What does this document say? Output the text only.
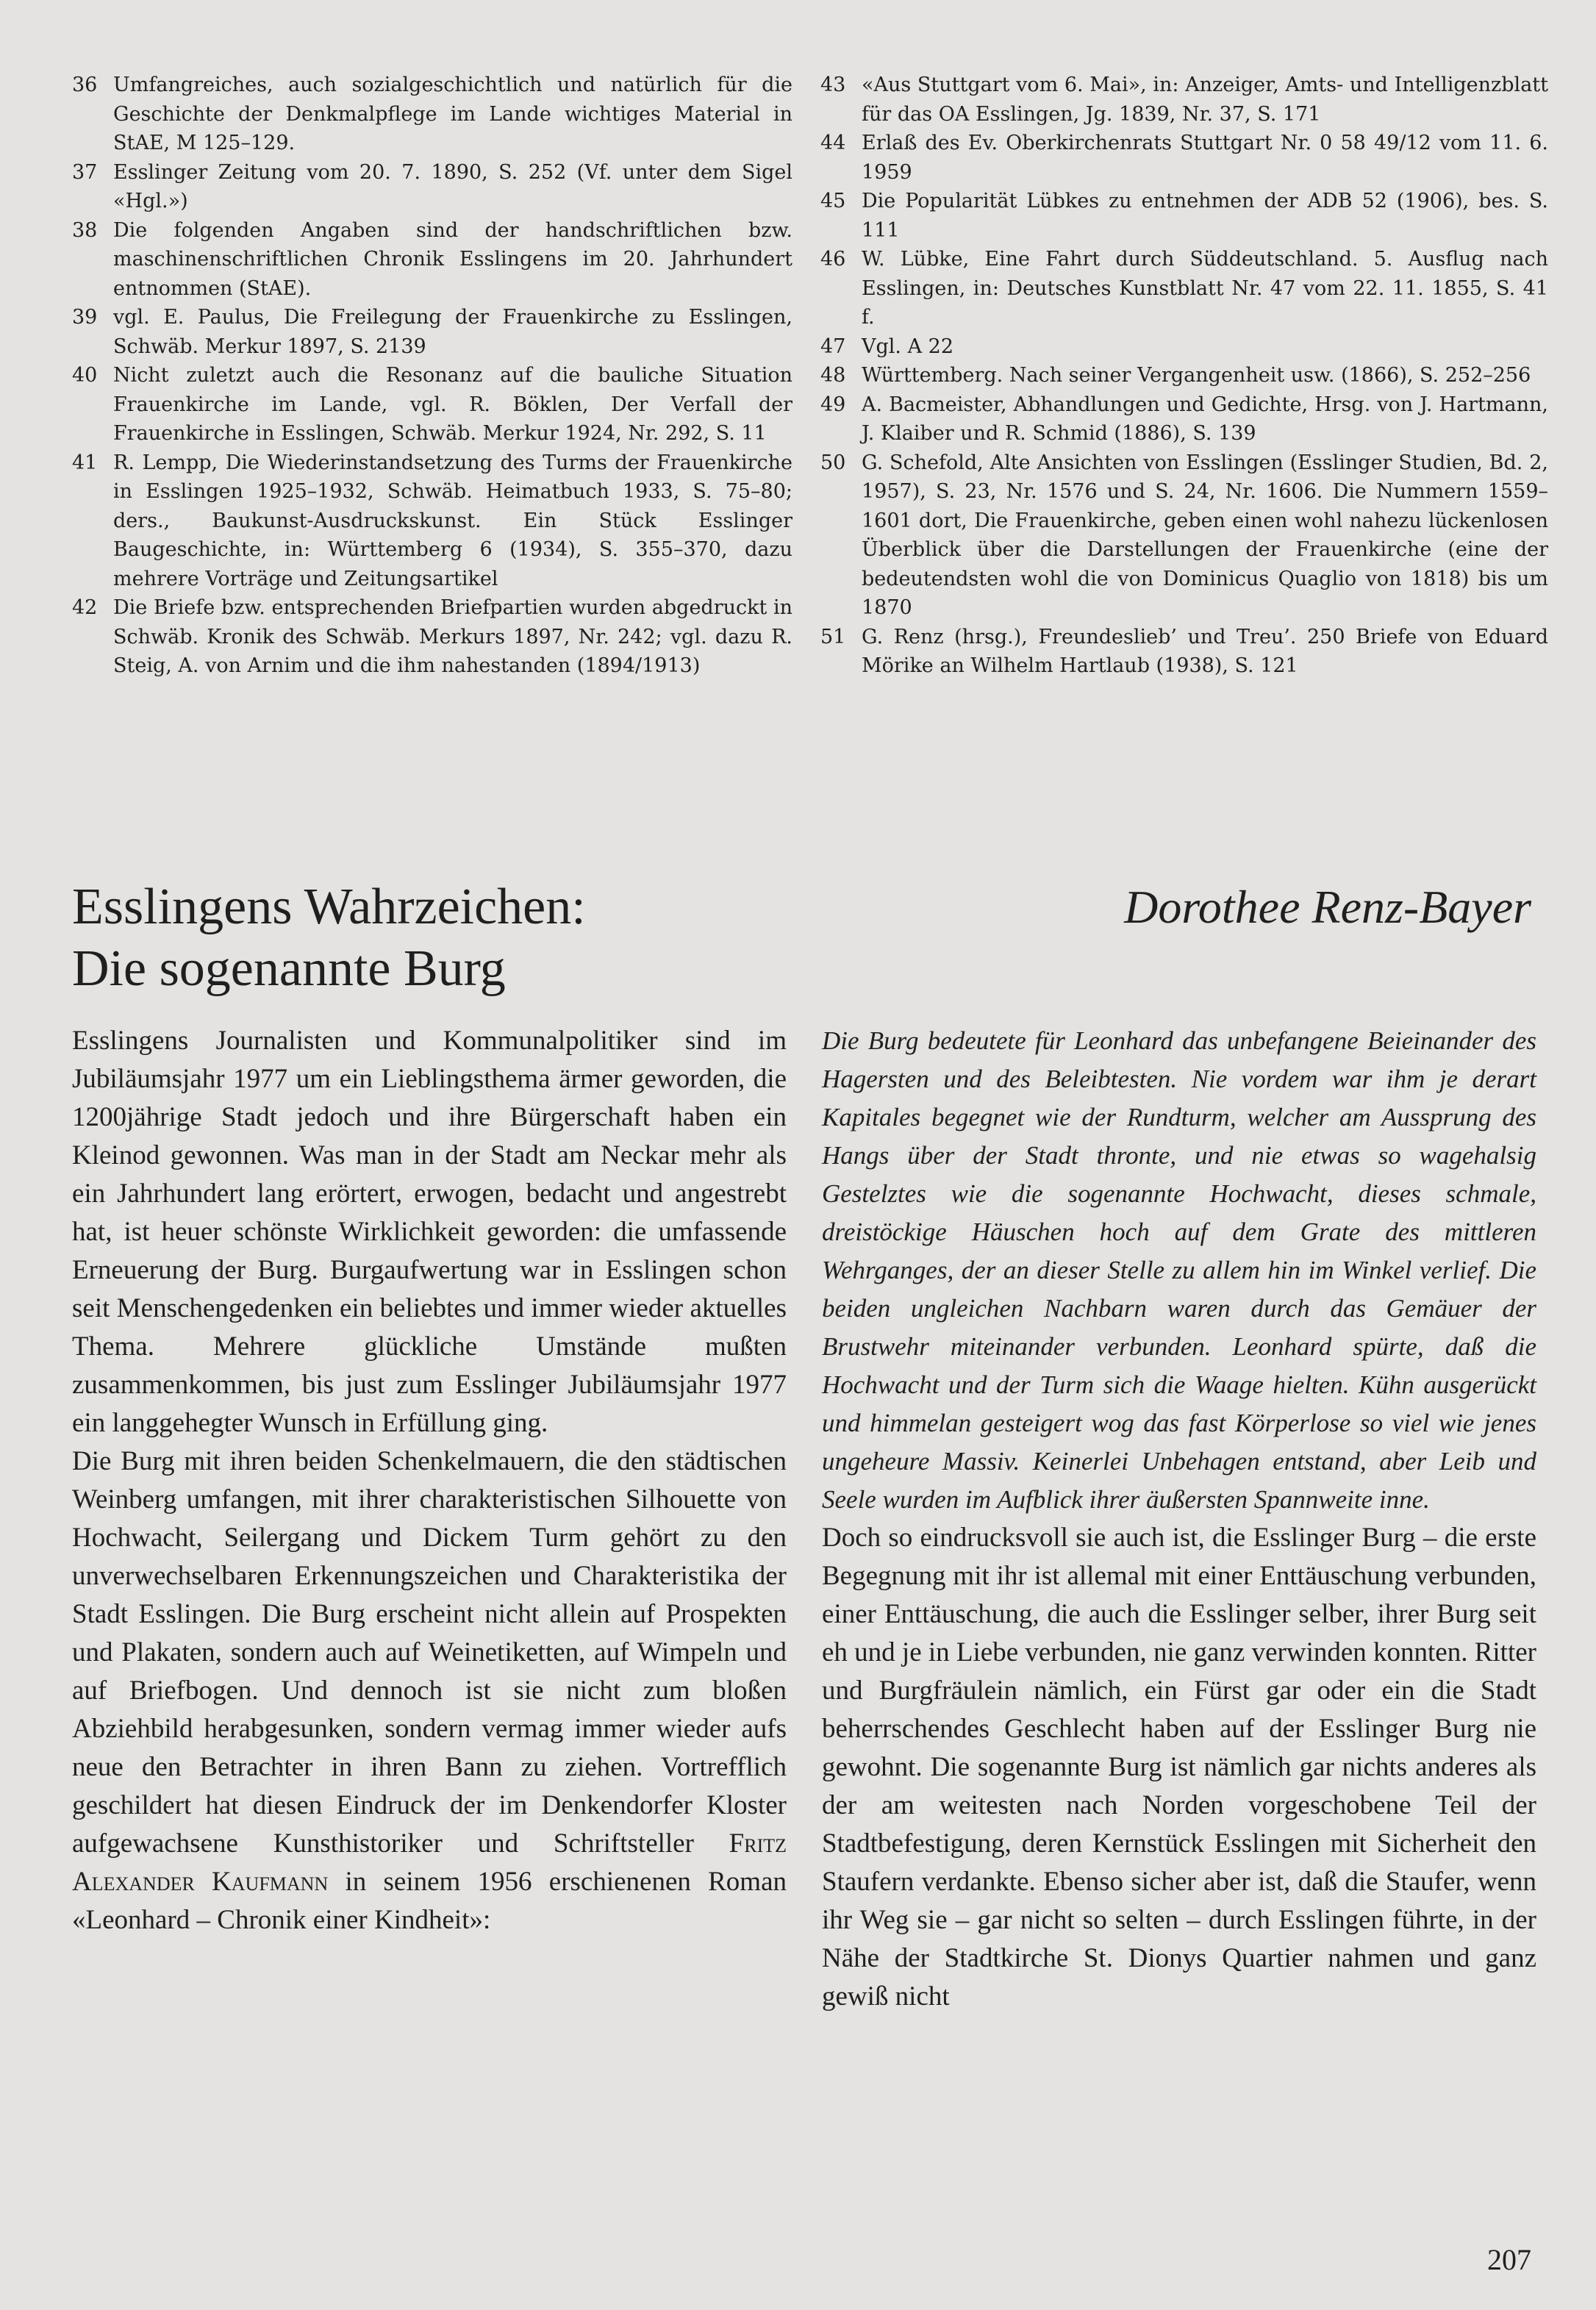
36 Umfangreiches, auch sozialgeschichtlich und natürlich für die Geschichte der Denkmalpflege im Lande wichtiges Material in StAE, M 125–129.

37 Esslinger Zeitung vom 20. 7. 1890, S. 252 (Vf. unter dem Sigel «Hgl.»)

38 Die folgenden Angaben sind der handschriftlichen bzw. maschinenschriftlichen Chronik Esslingens im 20. Jahrhundert entnommen (StAE).

39 vgl. E. Paulus, Die Freilegung der Frauenkirche zu Esslingen, Schwäb. Merkur 1897, S. 2139

40 Nicht zuletzt auch die Resonanz auf die bauliche Situation Frauenkirche im Lande, vgl. R. Böklen, Der Verfall der Frauenkirche in Esslingen, Schwäb. Merkur 1924, Nr. 292, S. 11

41 R. Lempp, Die Wiederinstandsetzung des Turms der Frauenkirche in Esslingen 1925–1932, Schwäb. Heimatbuch 1933, S. 75–80; ders., Baukunst-Ausdruckskunst. Ein Stück Esslinger Baugeschichte, in: Württemberg 6 (1934), S. 355–370, dazu mehrere Vorträge und Zeitungsartikel

42 Die Briefe bzw. entsprechenden Briefpartien wurden abgedruckt in Schwäb. Kronik des Schwäb. Merkurs 1897, Nr. 242; vgl. dazu R. Steig, A. von Arnim und die ihm nahestanden (1894/1913)

43 «Aus Stuttgart vom 6. Mai», in: Anzeiger, Amts- und Intelligenzblatt für das OA Esslingen, Jg. 1839, Nr. 37, S. 171

44 Erlaß des Ev. Oberkirchenrats Stuttgart Nr. 0 58 49/12 vom 11. 6. 1959

45 Die Popularität Lübkes zu entnehmen der ADB 52 (1906), bes. S. 111

46 W. Lübke, Eine Fahrt durch Süddeutschland. 5. Ausflug nach Esslingen, in: Deutsches Kunstblatt Nr. 47 vom 22. 11. 1855, S. 41 f.

47 Vgl. A 22

48 Württemberg. Nach seiner Vergangenheit usw. (1866), S. 252–256

49 A. Bacmeister, Abhandlungen und Gedichte, Hrsg. von J. Hartmann, J. Klaiber und R. Schmid (1886), S. 139

50 G. Schefold, Alte Ansichten von Esslingen (Esslinger Studien, Bd. 2, 1957), S. 23, Nr. 1576 und S. 24, Nr. 1606. Die Nummern 1559–1601 dort, Die Frauenkirche, geben einen wohl nahezu lückenlosen Überblick über die Darstellungen der Frauenkirche (eine der bedeutendsten wohl die von Dominicus Quaglio von 1818) bis um 1870

51 G. Renz (hrsg.), Freundeslieb’ und Treu’. 250 Briefe von Eduard Mörike an Wilhelm Hartlaub (1938), S. 121

Esslingens Wahrzeichen:
Die sogenannte Burg
Dorothee Renz-Bayer

Esslingens Journalisten und Kommunalpolitiker sind im Jubiläumsjahr 1977 um ein Lieblingsthema ärmer geworden, die 1200jährige Stadt jedoch und ihre Bürgerschaft haben ein Kleinod gewonnen. Was man in der Stadt am Neckar mehr als ein Jahrhundert lang erörtert, erwogen, bedacht und angestrebt hat, ist heuer schönste Wirklichkeit geworden: die umfassende Erneuerung der Burg. Burgaufwertung war in Esslingen schon seit Menschengedenken ein beliebtes und immer wieder aktuelles Thema. Mehrere glückliche Umstände mußten zusammenkommen, bis just zum Esslinger Jubiläumsjahr 1977 ein langgehegter Wunsch in Erfüllung ging.

Die Burg mit ihren beiden Schenkelmauern, die den städtischen Weinberg umfangen, mit ihrer charakteristischen Silhouette von Hochwacht, Seilergang und Dickem Turm gehört zu den unverwechselbaren Erkennungszeichen und Charakteristika der Stadt Esslingen. Die Burg erscheint nicht allein auf Prospekten und Plakaten, sondern auch auf Weinetiketten, auf Wimpeln und auf Briefbogen. Und dennoch ist sie nicht zum bloßen Abziehbild herabgesunken, sondern vermag immer wieder aufs neue den Betrachter in ihren Bann zu ziehen. Vortrefflich geschildert hat diesen Eindruck der im Denkendorfer Kloster aufgewachsene Kunsthistoriker und Schriftsteller Fritz Alexander Kaufmann in seinem 1956 erschienenen Roman «Leonhard – Chronik einer Kindheit»:

Die Burg bedeutete für Leonhard das unbefangene Beieinander des Hagersten und des Beleibtesten. Nie vordem war ihm je derart Kapitales begegnet wie der Rundturm, welcher am Aussprung des Hangs über der Stadt thronte, und nie etwas so wagehalsig Gestelztes wie die sogenannte Hochwacht, dieses schmale, dreistöckige Häuschen hoch auf dem Grate des mittleren Wehrganges, der an dieser Stelle zu allem hin im Winkel verlief. Die beiden ungleichen Nachbarn waren durch das Gemäuer der Brustwehr miteinander verbunden. Leonhard spürte, daß die Hochwacht und der Turm sich die Waage hielten. Kühn ausgerückt und himmelan gesteigert wog das fast Körperlose so viel wie jenes ungeheure Massiv. Keinerlei Unbehagen entstand, aber Leib und Seele wurden im Aufblick ihrer äußersten Spannweite inne.

Doch so eindrucksvoll sie auch ist, die Esslinger Burg – die erste Begegnung mit ihr ist allemal mit einer Enttäuschung verbunden, einer Enttäuschung, die auch die Esslinger selber, ihrer Burg seit eh und je in Liebe verbunden, nie ganz verwinden konnten. Ritter und Burgfräulein nämlich, ein Fürst gar oder ein die Stadt beherrschendes Geschlecht haben auf der Esslinger Burg nie gewohnt. Die sogenannte Burg ist nämlich gar nichts anderes als der am weitesten nach Norden vorgeschobene Teil der Stadtbefestigung, deren Kernstück Esslingen mit Sicherheit den Staufern verdankte. Ebenso sicher aber ist, daß die Staufer, wenn ihr Weg sie – gar nicht so selten – durch Esslingen führte, in der Nähe der Stadtkirche St. Dionys Quartier nahmen und ganz gewiß nicht

207
